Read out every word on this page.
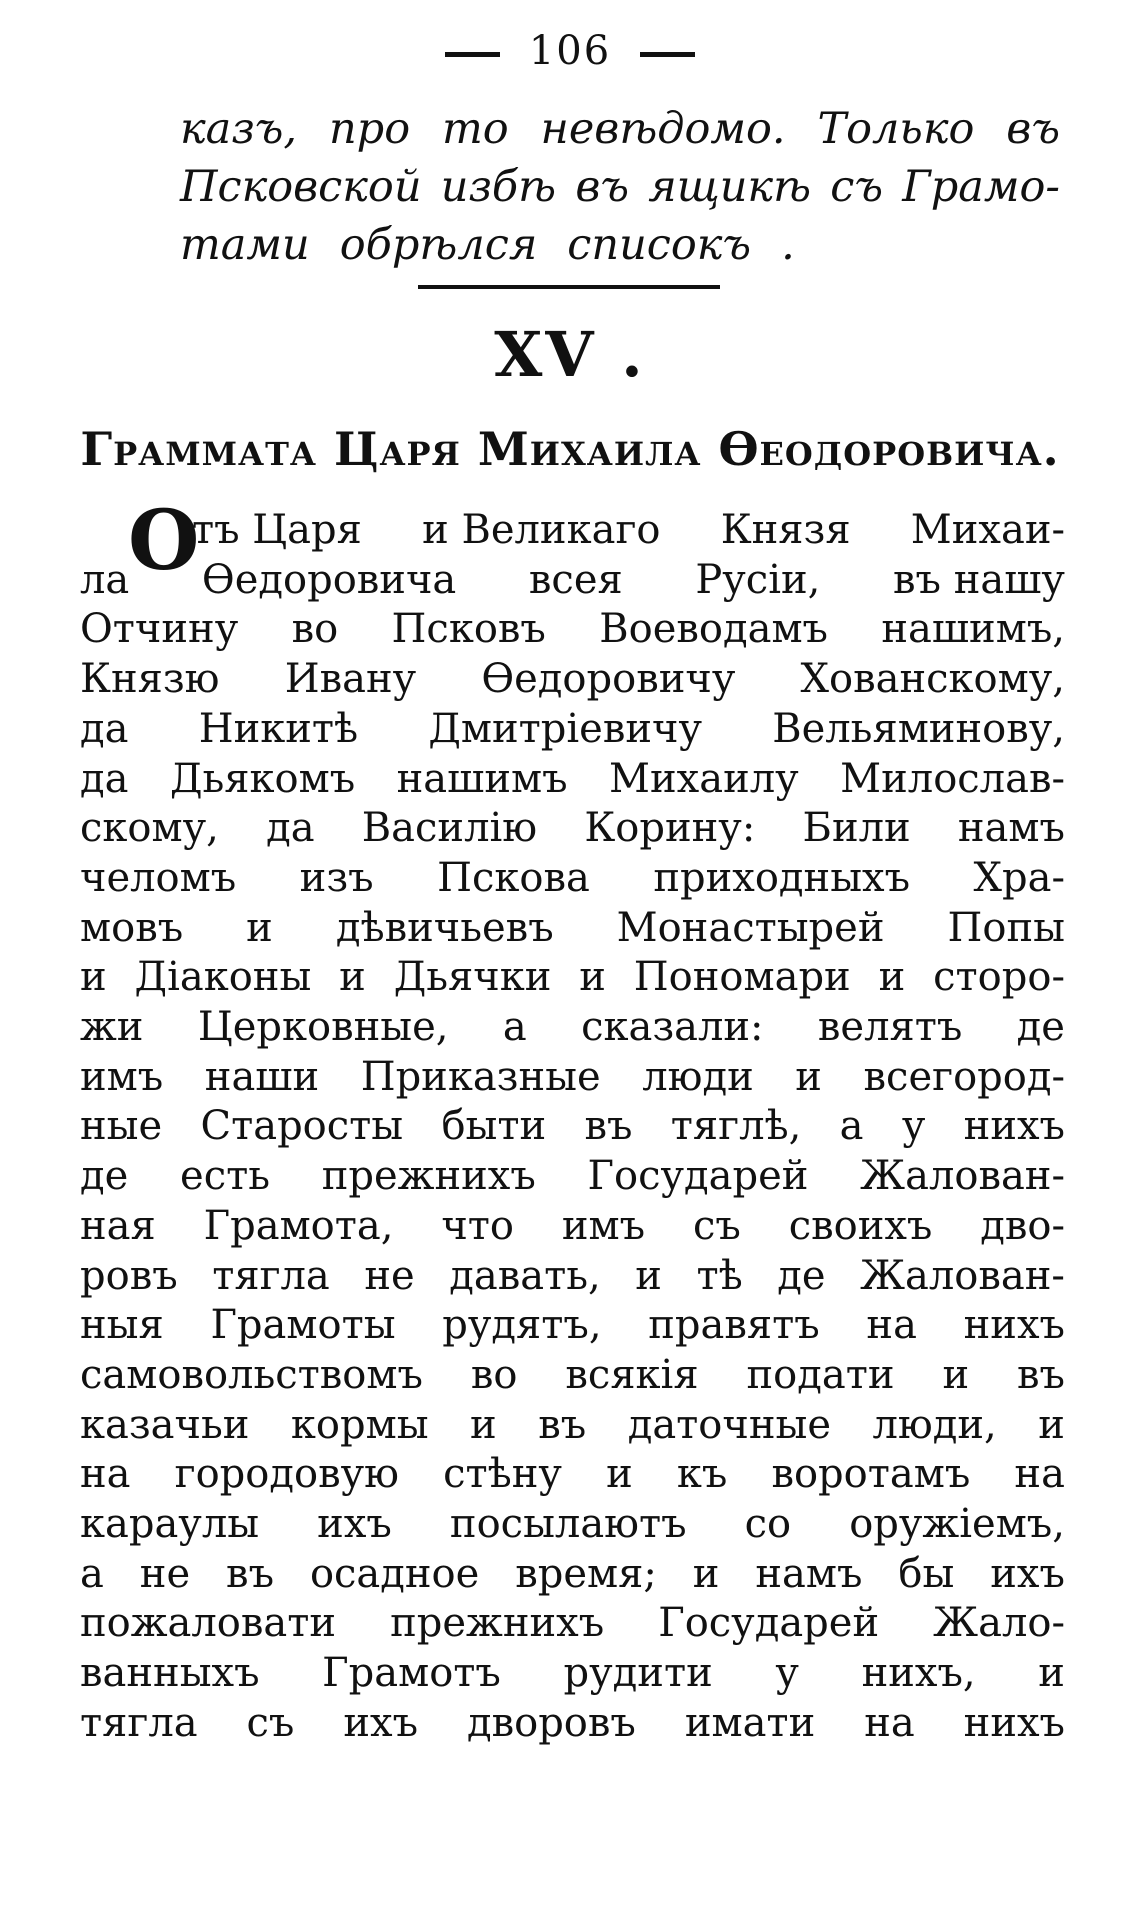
106
казъ, про то невѣдомо. Только въ
Псковской избѣ въ ящикѣ съ Грамо-
тами обрѣлся списокъ .
XV .
Граммата Царя Михаила Ѳеодоровича.
О
тъ Царя и Великаго Князя Михаи-
ла Ѳедоровича всея Русіи, въ нашу
Отчину во Псковъ Воеводамъ нашимъ,
Князю Ивану Ѳедоровичу Хованскому,
да Никитѣ Дмитріевичу Вельяминову,
да Дьякомъ нашимъ Михаилу Милослав-
скому, да Василію Корину: Били намъ
челомъ изъ Пскова приходныхъ Хра-
мовъ и дѣвичьевъ Монастырей Попы
и Діаконы и Дьячки и Пономари и сторо-
жи Церковные, а сказали: велятъ де
имъ наши Приказные люди и всегород-
ные Старосты быти въ тяглѣ, а у нихъ
де есть прежнихъ Государей Жалован-
ная Грамота, что имъ съ своихъ дво-
ровъ тягла не давать, и тѣ де Жалован-
ныя Грамоты рудятъ, правятъ на нихъ
самовольствомъ во всякія подати и въ
казачьи кормы и въ даточные люди, и
на городовую стѣну и къ воротамъ на
караулы ихъ посылаютъ со оружіемъ,
а не въ осадное время; и намъ бы ихъ
пожаловати прежнихъ Государей Жало-
ванныхъ Грамотъ рудити у нихъ, и
тягла съ ихъ дворовъ имати на нихъ
